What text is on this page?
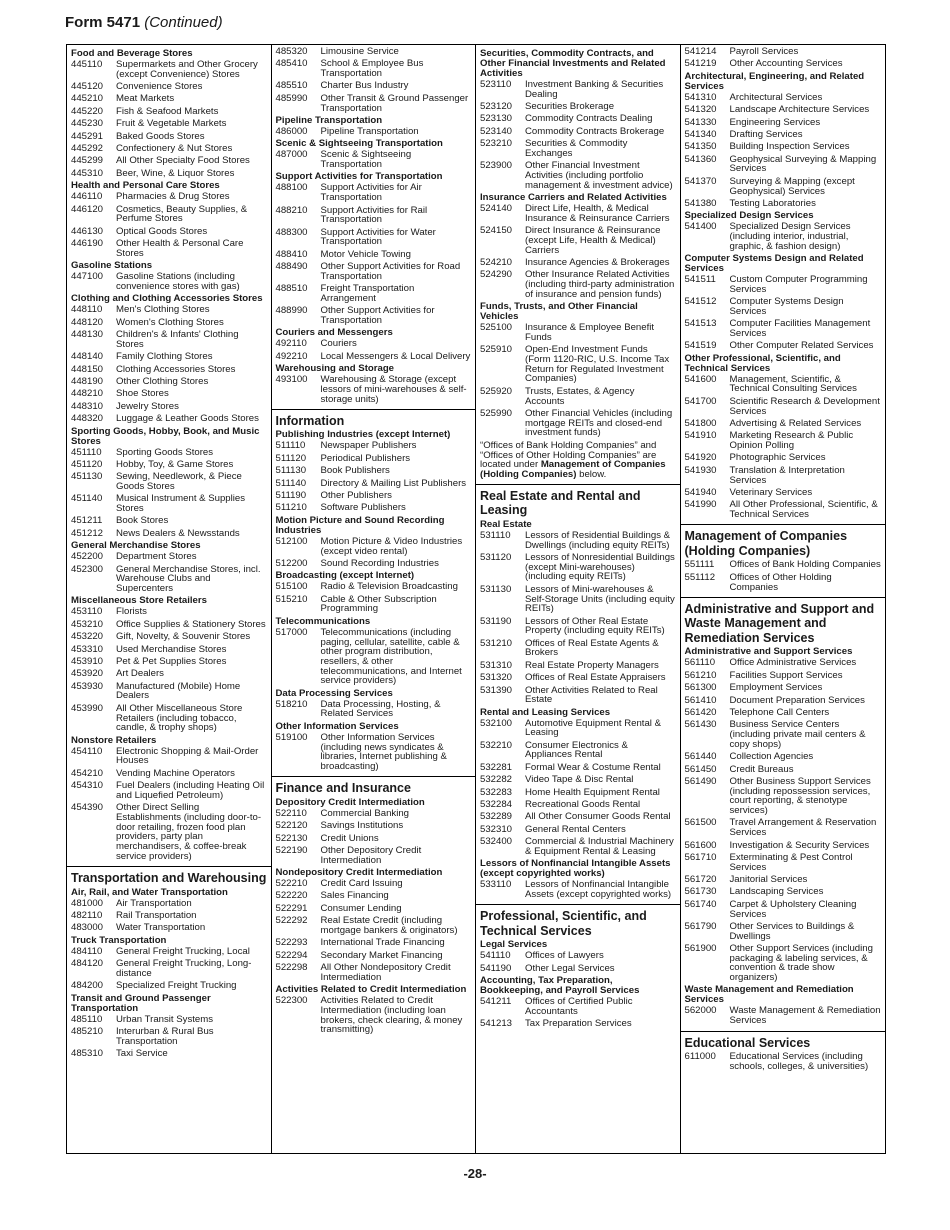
Form 5471 (Continued)
Food and Beverage Stores
445110	Supermarkets and Other Grocery (except Convenience) Stores
445120	Convenience Stores
445210	Meat Markets
445220	Fish & Seafood Markets
445230	Fruit & Vegetable Markets
445291	Baked Goods Stores
445292	Confectionery & Nut Stores
445299	All Other Specialty Food Stores
445310	Beer, Wine, & Liquor Stores
Health and Personal Care Stores
446110	Pharmacies & Drug Stores
446120	Cosmetics, Beauty Supplies, & Perfume Stores
446130	Optical Goods Stores
446190	Other Health & Personal Care Stores
Gasoline Stations
447100	Gasoline Stations (including convenience stores with gas)
Clothing and Clothing Accessories Stores
448110	Men's Clothing Stores
448120	Women's Clothing Stores
448130	Children's & Infants' Clothing Stores
448140	Family Clothing Stores
448150	Clothing Accessories Stores
448190	Other Clothing Stores
448210	Shoe Stores
448310	Jewelry Stores
448320	Luggage & Leather Goods Stores
Sporting Goods, Hobby, Book, and Music Stores
451110	Sporting Goods Stores
451120	Hobby, Toy, & Game Stores
451130	Sewing, Needlework, & Piece Goods Stores
451140	Musical Instrument & Supplies Stores
451211	Book Stores
451212	News Dealers & Newsstands
General Merchandise Stores
452200	Department Stores
452300	General Merchandise Stores, incl. Warehouse Clubs and Supercenters
Miscellaneous Store Retailers
453110	Florists
453210	Office Supplies & Stationery Stores
453220	Gift, Novelty, & Souvenir Stores
453310	Used Merchandise Stores
453910	Pet & Pet Supplies Stores
453920	Art Dealers
453930	Manufactured (Mobile) Home Dealers
453990	All Other Miscellaneous Store Retailers (including tobacco, candle, & trophy shops)
Nonstore Retailers
454110	Electronic Shopping & Mail-Order Houses
454210	Vending Machine Operators
454310	Fuel Dealers (including Heating Oil and Liquefied Petroleum)
454390	Other Direct Selling Establishments (including door-to-door retailing, frozen food plan providers, party plan merchandisers, & coffee-break service providers)
Transportation and Warehousing
Air, Rail, and Water Transportation
481000	Air Transportation
482110	Rail Transportation
483000	Water Transportation
Truck Transportation
484110	General Freight Trucking, Local
484120	General Freight Trucking, Long-distance
484200	Specialized Freight Trucking
Transit and Ground Passenger Transportation
485110	Urban Transit Systems
485210	Interurban & Rural Bus Transportation
485310	Taxi Service
485320	Limousine Service
485410	School & Employee Bus Transportation
485510	Charter Bus Industry
485990	Other Transit & Ground Passenger Transportation
Pipeline Transportation
486000	Pipeline Transportation
Scenic & Sightseeing Transportation
487000	Scenic & Sightseeing Transportation
Support Activities for Transportation
488100	Support Activities for Air Transportation
488210	Support Activities for Rail Transportation
488300	Support Activities for Water Transportation
488410	Motor Vehicle Towing
488490	Other Support Activities for Road Transportation
488510	Freight Transportation Arrangement
488990	Other Support Activities for Transportation
Couriers and Messengers
492110	Couriers
492210	Local Messengers & Local Delivery
Warehousing and Storage
493100	Warehousing & Storage (except lessors of mini-warehouses & self-storage units)
Information
Publishing Industries (except Internet)
511110	Newspaper Publishers
511120	Periodical Publishers
511130	Book Publishers
511140	Directory & Mailing List Publishers
511190	Other Publishers
511210	Software Publishers
Motion Picture and Sound Recording Industries
512100	Motion Picture & Video Industries (except video rental)
512200	Sound Recording Industries
Broadcasting (except Internet)
515100	Radio & Television Broadcasting
515210	Cable & Other Subscription Programming
Telecommunications
517000	Telecommunications (including paging, cellular, satellite, cable & other program distribution, resellers, & other telecommunications, and Internet service providers)
Data Processing Services
518210	Data Processing, Hosting, & Related Services
Other Information Services
519100	Other Information Services (including news syndicates & libraries, Internet publishing & broadcasting)
Finance and Insurance
Depository Credit Intermediation
522110	Commercial Banking
522120	Savings Institutions
522130	Credit Unions
522190	Other Depository Credit Intermediation
Nondepository Credit Intermediation
522210	Credit Card Issuing
522220	Sales Financing
522291	Consumer Lending
522292	Real Estate Credit (including mortgage bankers & originators)
522293	International Trade Financing
522294	Secondary Market Financing
522298	All Other Nondepository Credit Intermediation
Activities Related to Credit Intermediation
522300	Activities Related to Credit Intermediation (including loan brokers, check clearing, & money transmitting)
Securities, Commodity Contracts, and Other Financial Investments and Related Activities
523110	Investment Banking & Securities Dealing
523120	Securities Brokerage
523130	Commodity Contracts Dealing
523140	Commodity Contracts Brokerage
523210	Securities & Commodity Exchanges
523900	Other Financial Investment Activities (including portfolio management & investment advice)
Insurance Carriers and Related Activities
524140	Direct Life, Health, & Medical Insurance & Reinsurance Carriers
524150	Direct Insurance & Reinsurance (except Life, Health & Medical) Carriers
524210	Insurance Agencies & Brokerages
524290	Other Insurance Related Activities (including third-party administration of insurance and pension funds)
Funds, Trusts, and Other Financial Vehicles
525100	Insurance & Employee Benefit Funds
525910	Open-End Investment Funds (Form 1120-RIC, U.S. Income Tax Return for Regulated Investment Companies)
525920	Trusts, Estates, & Agency Accounts
525990	Other Financial Vehicles (including mortgage REITs and closed-end investment funds)
“Offices of Bank Holding Companies” and “Offices of Other Holding Companies” are located under Management of Companies (Holding Companies) below.
Real Estate and Rental and Leasing
Real Estate
531110	Lessors of Residential Buildings & Dwellings (including equity REITs)
531120	Lessors of Nonresidential Buildings (except Mini-warehouses) (including equity REITs)
531130	Lessors of Mini-warehouses & Self-Storage Units (including equity REITs)
531190	Lessors of Other Real Estate Property (including equity REITs)
531210	Offices of Real Estate Agents & Brokers
531310	Real Estate Property Managers
531320	Offices of Real Estate Appraisers
531390	Other Activities Related to Real Estate
Rental and Leasing Services
532100	Automotive Equipment Rental & Leasing
532210	Consumer Electronics & Appliances Rental
532281	Formal Wear & Costume Rental
532282	Video Tape & Disc Rental
532283	Home Health Equipment Rental
532284	Recreational Goods Rental
532289	All Other Consumer Goods Rental
532310	General Rental Centers
532400	Commercial & Industrial Machinery & Equipment Rental & Leasing
Lessors of Nonfinancial Intangible Assets (except copyrighted works)
533110	Lessors of Nonfinancial Intangible Assets (except copyrighted works)
Professional, Scientific, and Technical Services
Legal Services
541110	Offices of Lawyers
541190	Other Legal Services
Accounting, Tax Preparation, Bookkeeping, and Payroll Services
541211	Offices of Certified Public Accountants
541213	Tax Preparation Services
541214	Payroll Services
541219	Other Accounting Services
Architectural, Engineering, and Related Services
541310	Architectural Services
541320	Landscape Architecture Services
541330	Engineering Services
541340	Drafting Services
541350	Building Inspection Services
541360	Geophysical Surveying & Mapping Services
541370	Surveying & Mapping (except Geophysical) Services
541380	Testing Laboratories
Specialized Design Services
541400	Specialized Design Services (including interior, industrial, graphic, & fashion design)
Computer Systems Design and Related Services
541511	Custom Computer Programming Services
541512	Computer Systems Design Services
541513	Computer Facilities Management Services
541519	Other Computer Related Services
Other Professional, Scientific, and Technical Services
541600	Management, Scientific, & Technical Consulting Services
541700	Scientific Research & Development Services
541800	Advertising & Related Services
541910	Marketing Research & Public Opinion Polling
541920	Photographic Services
541930	Translation & Interpretation Services
541940	Veterinary Services
541990	All Other Professional, Scientific, & Technical Services
Management of Companies (Holding Companies)
551111	Offices of Bank Holding Companies
551112	Offices of Other Holding Companies
Administrative and Support and Waste Management and Remediation Services
Administrative and Support Services
561110	Office Administrative Services
561210	Facilities Support Services
561300	Employment Services
561410	Document Preparation Services
561420	Telephone Call Centers
561430	Business Service Centers (including private mail centers & copy shops)
561440	Collection Agencies
561450	Credit Bureaus
561490	Other Business Support Services (including repossession services, court reporting, & stenotype services)
561500	Travel Arrangement & Reservation Services
561600	Investigation & Security Services
561710	Exterminating & Pest Control Services
561720	Janitorial Services
561730	Landscaping Services
561740	Carpet & Upholstery Cleaning Services
561790	Other Services to Buildings & Dwellings
561900	Other Support Services (including packaging & labeling services, & convention & trade show organizers)
Waste Management and Remediation Services
562000	Waste Management & Remediation Services
Educational Services
611000	Educational Services (including schools, colleges, & universities)
-28-
